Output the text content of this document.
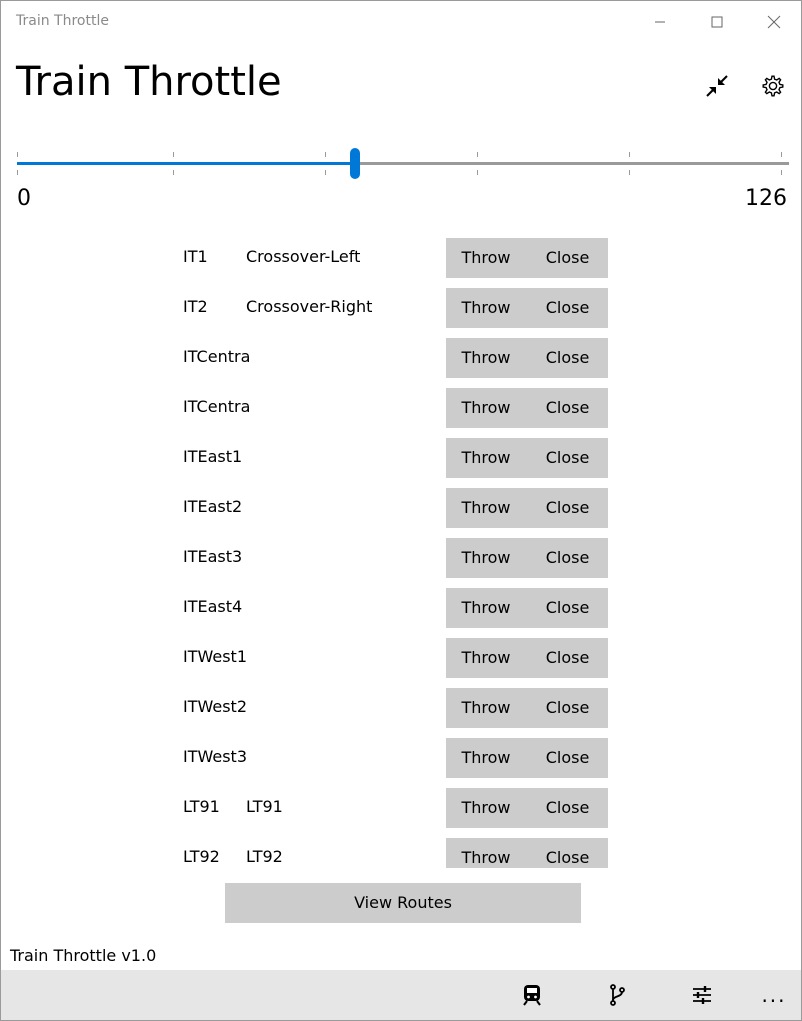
Train Throttle
Train Throttle
0	126
IT1 Crossover-Left	Throw	Close
IT2 Crossover-Right	Throw	Close
ITCentra	Throw	Close
ITCentra	Throw	Close
ITEast1	Throw	Close
ITEast2	Throw	Close
ITEast3	Throw	Close
ITEast4	Throw	Close
ITWest1	Throw	Close
ITWest2	Throw	Close
ITWest3	Throw	Close
LT91 LT91	Throw	Close
LT92 LT92	Throw	Close
View Routes
Train Throttle v1.0
...
